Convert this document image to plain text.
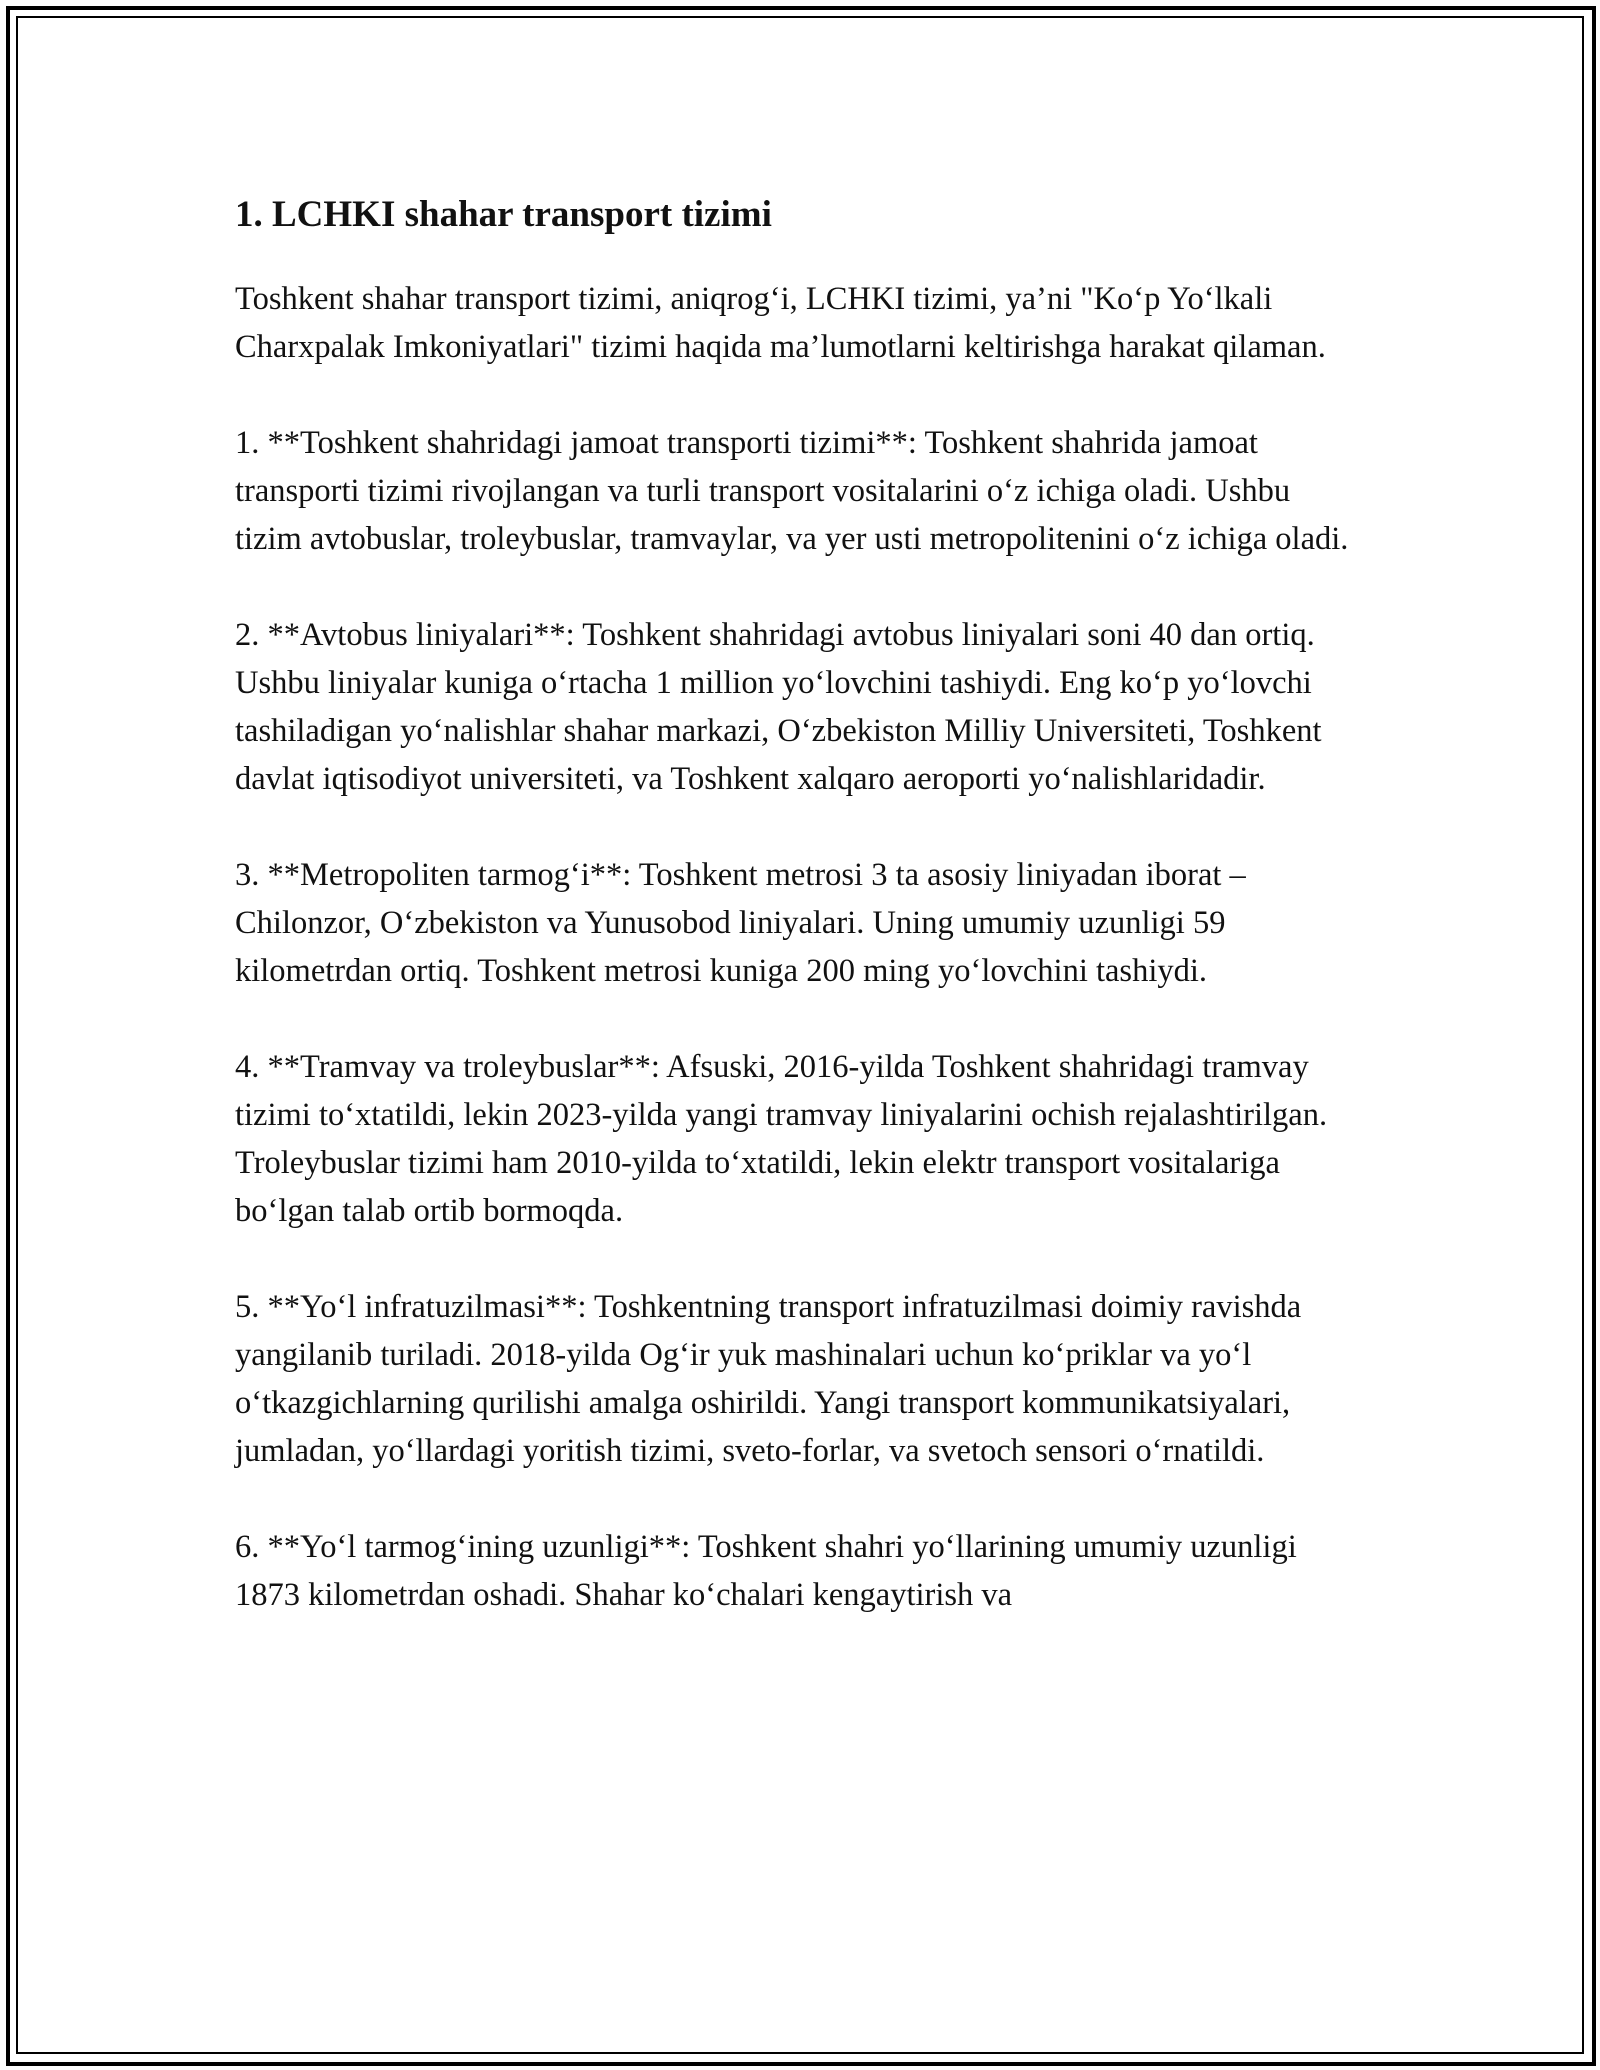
1. LCHKI shahar transport tizimi

Toshkent shahar transport tizimi, aniqrog‘i, LCHKI tizimi, ya’ni "Ko‘p Yo‘lkali Charxpalak Imkoniyatlari" tizimi haqida ma’lumotlarni keltirishga harakat qilaman.

1. **Toshkent shahridagi jamoat transporti tizimi**: Toshkent shahrida jamoat transporti tizimi rivojlangan va turli transport vositalarini o‘z ichiga oladi. Ushbu tizim avtobuslar, troleybuslar, tramvaylar, va yer usti metropolitenini o‘z ichiga oladi.

2. **Avtobus liniyalari**: Toshkent shahridagi avtobus liniyalari soni 40 dan ortiq. Ushbu liniyalar kuniga o‘rtacha 1 million yo‘lovchini tashiydi. Eng ko‘p yo‘lovchi tashiladigan yo‘nalishlar shahar markazi, O‘zbekiston Milliy Universiteti, Toshkent davlat iqtisodiyot universiteti, va Toshkent xalqaro aeroporti yo‘nalishlaridadir.

3. **Metropoliten tarmog‘i**: Toshkent metrosi 3 ta asosiy liniyadan iborat – Chilonzor, O‘zbekiston va Yunusobod liniyalari. Uning umumiy uzunligi 59 kilometrdan ortiq. Toshkent metrosi kuniga 200 ming yo‘lovchini tashiydi.

4. **Tramvay va troleybuslar**: Afsuski, 2016-yilda Toshkent shahridagi tramvay tizimi to‘xtatildi, lekin 2023-yilda yangi tramvay liniyalarini ochish rejalashtirilgan. Troleybuslar tizimi ham 2010-yilda to‘xtatildi, lekin elektr transport vositalariga bo‘lgan talab ortib bormoqda.

5. **Yo‘l infratuzilmasi**: Toshkentning transport infratuzilmasi doimiy ravishda yangilanib turiladi. 2018-yilda Og‘ir yuk mashinalari uchun ko‘priklar va yo‘l o‘tkazgichlarning qurilishi amalga oshirildi. Yangi transport kommunikatsiyalari, jumladan, yo‘llardagi yoritish tizimi, sveto-forlar, va svetoch sensori o‘rnatildi.

6. **Yo‘l tarmog‘ining uzunligi**: Toshkent shahri yo‘llarining umumiy uzunligi 1873 kilometrdan oshadi. Shahar ko‘chalari kengaytirish va
